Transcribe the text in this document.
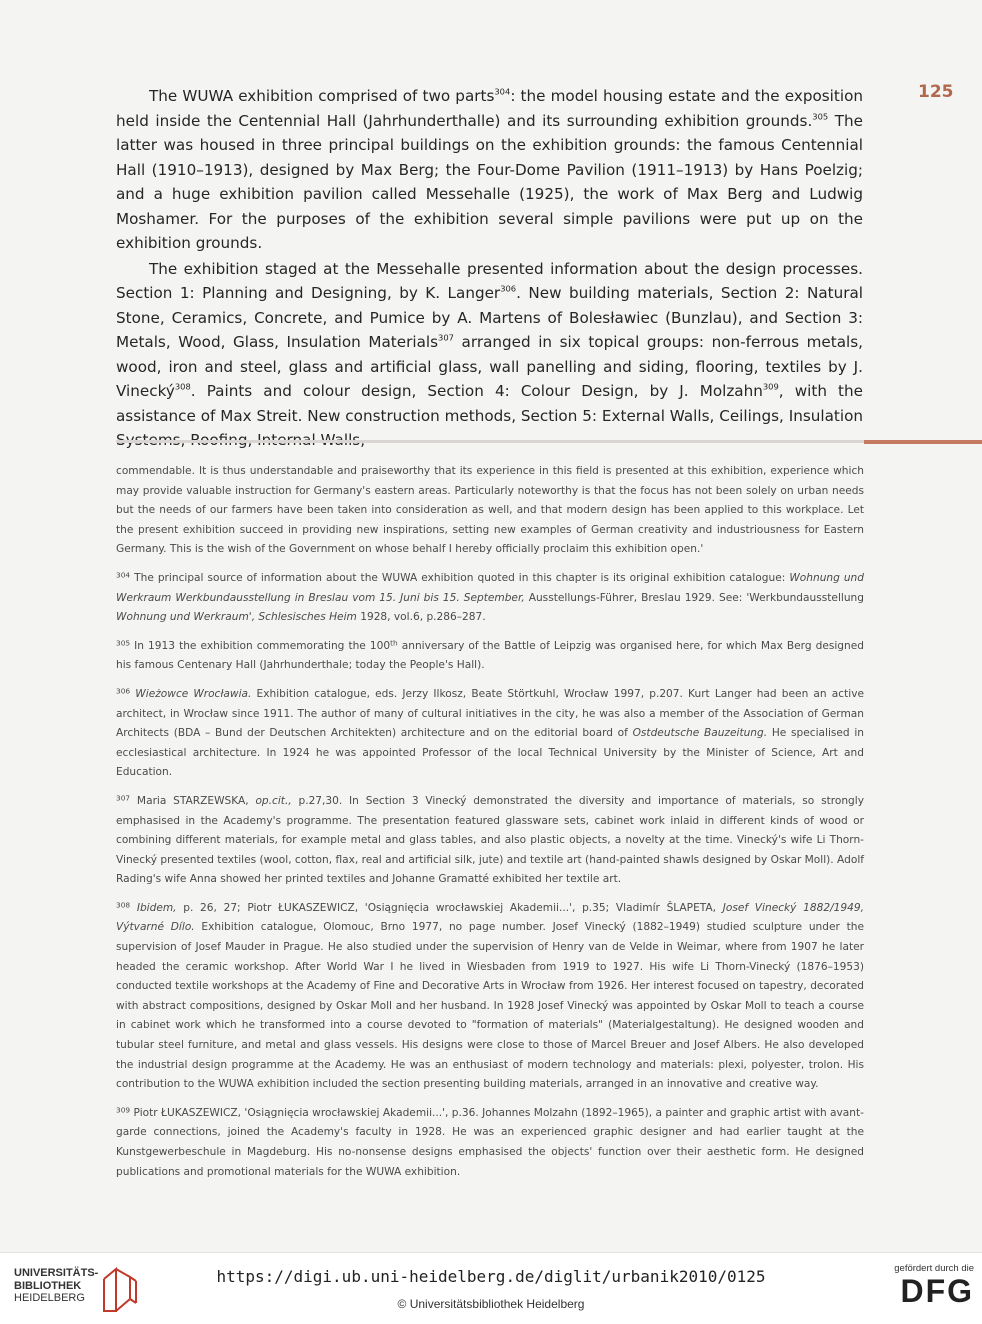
125

The WUWA exhibition comprised of two parts$^{304}$: the model housing estate and the exposition held inside the Centennial Hall (Jahrhunderthalle) and its surrounding exhibition grounds.$^{305}$ The latter was housed in three principal buildings on the exhibition grounds: the famous Centennial Hall (1910–1913), designed by Max Berg; the Four-Dome Pavilion (1911–1913) by Hans Poelzig; and a huge exhibition pavilion called Messehalle (1925), the work of Max Berg and Ludwig Moshamer. For the purposes of the exhibition several simple pavilions were put up on the exhibition grounds.

The exhibition staged at the Messehalle presented information about the design processes. Section 1: Planning and Designing, by K. Langer$^{306}$. New building materials, Section 2: Natural Stone, Ceramics, Concrete, and Pumice by A. Martens of Bolesławiec (Bunzlau), and Section 3: Metals, Wood, Glass, Insulation Materials$^{307}$ arranged in six topical groups: non-ferrous metals, wood, iron and steel, glass and artificial glass, wall panelling and siding, flooring, textiles by J. Vinecký$^{308}$. Paints and colour design, Section 4: Colour Design, by J. Molzahn$^{309}$, with the assistance of Max Streit. New construction methods, Section 5: External Walls, Ceilings, Insulation

commendable. It is thus understandable and praiseworthy that its experience in this field is presented at this exhibition, experience which may provide valuable instruction for Germany's eastern areas. Particularly noteworthy is that the focus has not been solely on urban needs but the needs of our farmers have been taken into consideration as well, and that modern design has been applied to this workplace. Let the present exhibition succeed in providing new inspirations, setting new examples of German creativity and industriousness for Eastern Germany. This is the wish of the Government on whose behalf I hereby officially proclaim this exhibition open.'

$^{304}$ The principal source of information about the WUWA exhibition quoted in this chapter is its original exhibition catalogue: Wohnung und Werkraum Werkbundausstellung in Breslau vom 15. Juni bis 15. September, Ausstellungs-Führer, Breslau 1929. See: 'Werkbundausstellung Wohnung und Werkraum', Schlesisches Heim 1928, vol.6, p.286–287.

$^{305}$ In 1913 the exhibition commemorating the 100th anniversary of the Battle of Leipzig was organised here, for which Max Berg designed his famous Centenary Hall (Jahrhunderthale; today the People's Hall).

$^{306}$ Wieżowce Wrocławia. Exhibition catalogue, eds. Jerzy Ilkosz, Beate Störtkuhl, Wrocław 1997, p.207. Kurt Langer had been an active architect, in Wrocław since 1911. The author of many of cultural initiatives in the city, he was also a member of the Association of German Architects (BDA – Bund der Deutschen Architekten) architecture and on the editorial board of Ostdeutsche Bauzeitung. He specialised in ecclesiastical architecture. In 1924 he was appointed Professor of the local Technical University by the Minister of Science, Art and Education.

$^{307}$ Maria STARZEWSKA, op.cit., p.27,30. In Section 3 Vinecký demonstrated the diversity and importance of materials, so strongly emphasised in the Academy's programme. The presentation featured glassware sets, cabinet work inlaid in different kinds of wood or combining different materials, for example metal and glass tables, and also plastic objects, a novelty at the time. Vinecký's wife Li Thorn-Vinecký presented textiles (wool, cotton, flax, real and artificial silk, jute) and textile art (hand-painted shawls designed by Oskar Moll). Adolf Rading's wife Anna showed her printed textiles and Johanne Gramatté exhibited her textile art.

$^{308}$ Ibidem, p. 26, 27; Piotr ŁUKASZEWICZ, 'Osiągnięcia wrocławskiej Akademii...', p.35; Vladimír ŠLAPETA, Josef Vinecký 1882/1949, Výtvarné Dílo. Exhibition catalogue, Olomouc, Brno 1977, no page number. Josef Vinecký (1882–1949) studied sculpture under the supervision of Josef Mauder in Prague. He also studied under the supervision of Henry van de Velde in Weimar, where from 1907 he later headed the ceramic workshop. After World War I he lived in Wiesbaden from 1919 to 1927. His wife Li Thorn-Vinecký (1876–1953) conducted textile workshops at the Academy of Fine and Decorative Arts in Wrocław from 1926. Her interest focused on tapestry, decorated with abstract compositions, designed by Oskar Moll and her husband. In 1928 Josef Vinecký was appointed by Oskar Moll to teach a course in cabinet work which he transformed into a course devoted to "formation of materials" (Materialgestaltung). He designed wooden and tubular steel furniture, and metal and glass vessels. His designs were close to those of Marcel Breuer and Josef Albers. He also developed the industrial design programme at the Academy. He was an enthusiast of modern technology and materials: plexi, polyester, trolon. His contribution to the WUWA exhibition included the section presenting building materials, arranged in an innovative and creative way.

$^{309}$ Piotr ŁUKASZEWICZ, 'Osiągnięcia wrocławskiej Akademii...', p.36. Johannes Molzahn (1892–1965), a painter and graphic artist with avant-garde connections, joined the Academy's faculty in 1928. He was an experienced graphic designer and had earlier taught at the Kunstgewerbeschule in Magdeburg. His no-nonsense designs emphasised the objects' function over their aesthetic form. He designed publications and promotional materials for the WUWA exhibition.

UNIVERSITÄTS-
BIBLIOTHEK
HEIDELBERG
https://digi.ub.uni-heidelberg.de/diglit/urbanik2010/0125
© Universitätsbibliothek Heidelberg
gefördert durch die
DFG
